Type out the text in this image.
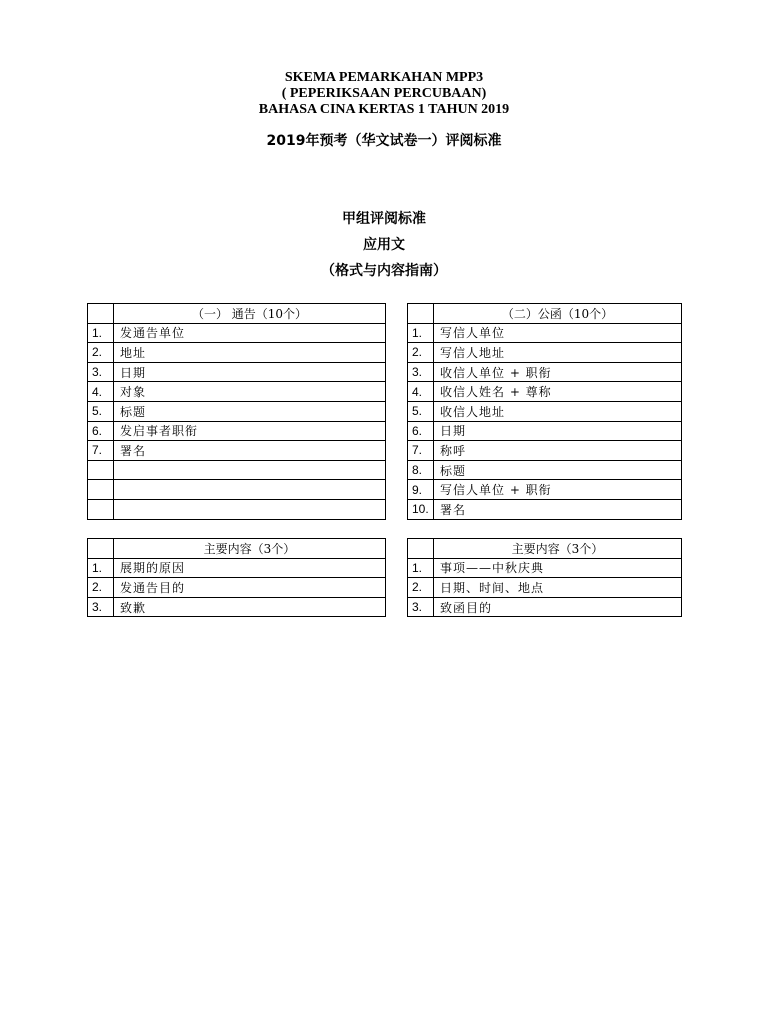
SKEMA PEMARKAHAN MPP3
( PEPERIKSAAN PERCUBAAN)
BAHASA CINA KERTAS 1 TAHUN 2019
2019年预考（华文试卷一）评阅标准
甲组评阅标准
应用文
（格式与内容指南）
	（一） 通告（10个）
1.	发通告单位
2.	地址
3.	日期
4.	对象
5.	标题
6.	发启事者职衔
7.	署名

	（二）公函（10个）
1.	写信人单位
2.	写信人地址
3.	收信人单位 + 职衔
4.	收信人姓名 + 尊称
5.	收信人地址
6.	日期
7.	称呼
8.	标题
9.	写信人单位 + 职衔
10.	署名
	主要内容（3个）
1.	展期的原因
2.	发通告目的
3.	致歉
	主要内容（3个）
1.	事项——中秋庆典
2.	日期、时间、地点
3.	致函目的
